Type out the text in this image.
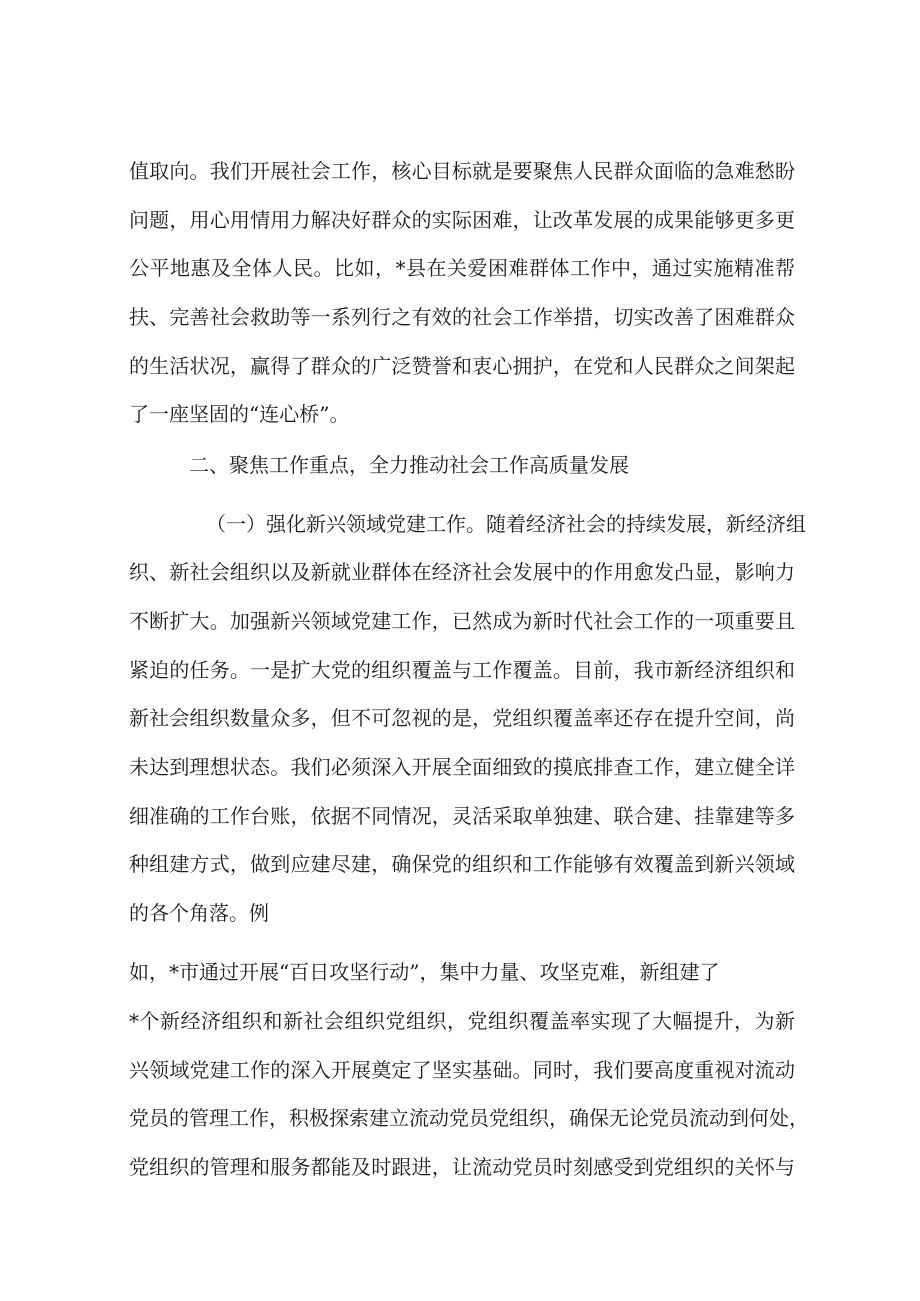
值取向。我们开展社会工作，核心目标就是要聚焦人民群众面临的急难愁盼
问题，用心用情用力解决好群众的实际困难，让改革发展的成果能够更多更
公平地惠及全体人民。比如，*县在关爱困难群体工作中，通过实施精准帮
扶、完善社会救助等一系列行之有效的社会工作举措，切实改善了困难群众
的生活状况，赢得了群众的广泛赞誉和衷心拥护，在党和人民群众之间架起
了一座坚固的“连心桥”。
二、聚焦工作重点，全力推动社会工作高质量发展
（一）强化新兴领域党建工作。随着经济社会的持续发展，新经济组
织、新社会组织以及新就业群体在经济社会发展中的作用愈发凸显，影响力
不断扩大。加强新兴领域党建工作，已然成为新时代社会工作的一项重要且
紧迫的任务。一是扩大党的组织覆盖与工作覆盖。目前，我市新经济组织和
新社会组织数量众多，但不可忽视的是，党组织覆盖率还存在提升空间，尚
未达到理想状态。我们必须深入开展全面细致的摸底排查工作，建立健全详
细准确的工作台账，依据不同情况，灵活采取单独建、联合建、挂靠建等多
种组建方式，做到应建尽建，确保党的组织和工作能够有效覆盖到新兴领域
的各个角落。例
如，*市通过开展“百日攻坚行动”，集中力量、攻坚克难，新组建了
*个新经济组织和新社会组织党组织，党组织覆盖率实现了大幅提升，为新
兴领域党建工作的深入开展奠定了坚实基础。同时，我们要高度重视对流动
党员的管理工作，积极探索建立流动党员党组织，确保无论党员流动到何处，
党组织的管理和服务都能及时跟进，让流动党员时刻感受到党组织的关怀与
